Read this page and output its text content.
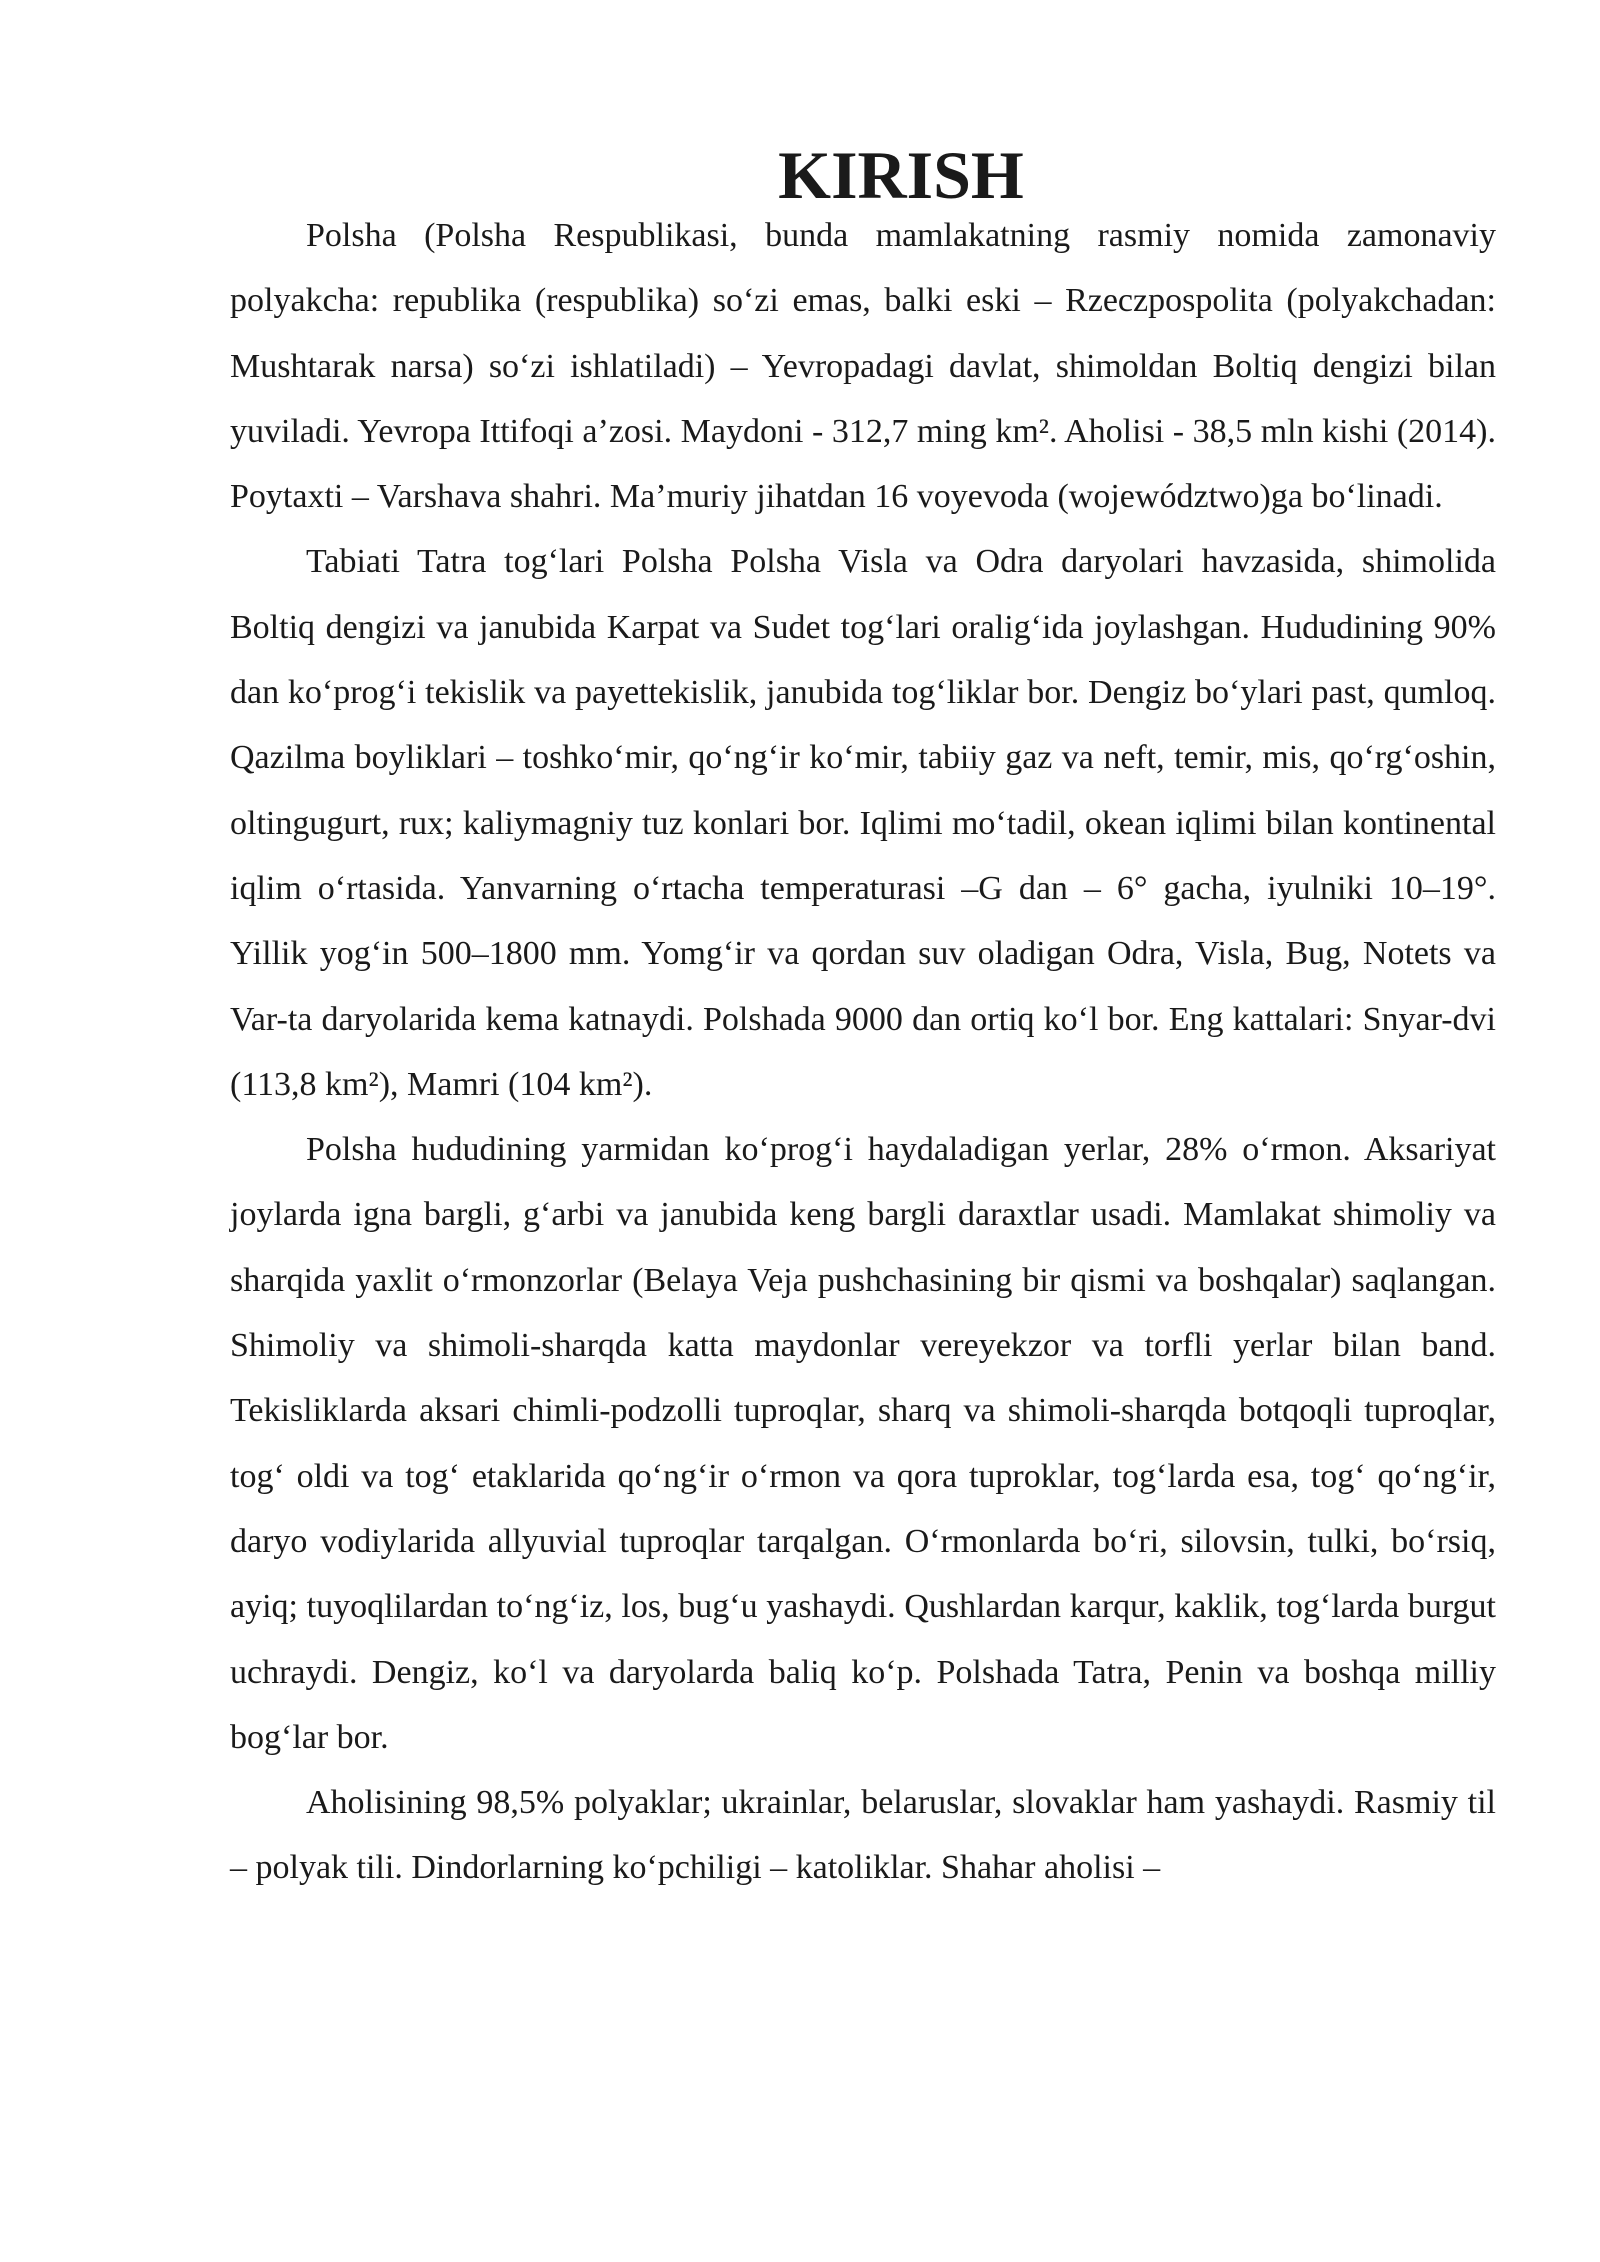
KIRISH

Polsha (Polsha Respublikasi, bunda mamlakatning rasmiy nomida zamonaviy polyakcha: republika (respublika) so‘zi emas, balki eski – Rzeczpospolita (polyakchadan: Mushtarak narsa) so‘zi ishlatiladi) – Yevropadagi davlat, shimoldan Boltiq dengizi bilan yuviladi. Yevropa Ittifoqi a’zosi. Maydoni - 312,7 ming km². Aholisi - 38,5 mln kishi (2014). Poytaxti – Varshava shahri. Ma’muriy jihatdan 16 voyevoda (województwo)ga bo‘linadi.

Tabiati Tatra tog‘lari Polsha Polsha Visla va Odra daryolari havzasida, shimolida Boltiq dengizi va janubida Karpat va Sudet tog‘lari oralig‘ida joylashgan. Hududining 90% dan ko‘prog‘i tekislik va payettekislik, janubida tog‘liklar bor. Dengiz bo‘ylari past, qumloq. Qazilma boyliklari – toshko‘mir, qo‘ng‘ir ko‘mir, tabiiy gaz va neft, temir, mis, qo‘rg‘oshin, oltingugurt, rux; kaliymagniy tuz konlari bor. Iqlimi mo‘tadil, okean iqlimi bilan kontinental iqlim o‘rtasida. Yanvarning o‘rtacha temperaturasi –G dan – 6° gacha, iyulniki 10–19°. Yillik yog‘in 500–1800 mm. Yomg‘ir va qordan suv oladigan Odra, Visla, Bug, Notets va Var-ta daryolarida kema katnaydi. Polshada 9000 dan ortiq ko‘l bor. Eng kattalari: Snyar-dvi (113,8 km²), Mamri (104 km²).

Polsha hududining yarmidan ko‘prog‘i haydaladigan yerlar, 28% o‘rmon. Aksariyat joylarda igna bargli, g‘arbi va janubida keng bargli daraxtlar usadi. Mamlakat shimoliy va sharqida yaxlit o‘rmonzorlar (Belaya Veja pushchasining bir qismi va boshqalar) saqlangan. Shimoliy va shimoli-sharqda katta maydonlar vereyekzor va torfli yerlar bilan band. Tekisliklarda aksari chimli-podzolli tuproqlar, sharq va shimoli-sharqda botqoqli tuproqlar, tog‘ oldi va tog‘ etaklarida qo‘ng‘ir o‘rmon va qora tuproklar, tog‘larda esa, tog‘ qo‘ng‘ir, daryo vodiylarida allyuvial tuproqlar tarqalgan. O‘rmonlarda bo‘ri, silovsin, tulki, bo‘rsiq, ayiq; tuyoqlilardan to‘ng‘iz, los, bug‘u yashaydi. Qushlardan karqur, kaklik, tog‘larda burgut uchraydi. Dengiz, ko‘l va daryolarda baliq ko‘p. Polshada Tatra, Penin va boshqa milliy bog‘lar bor.

Aholisining 98,5% polyaklar; ukrainlar, belaruslar, slovaklar ham yashaydi. Rasmiy til – polyak tili. Dindorlarning ko‘pchiligi – katoliklar. Shahar aholisi –
